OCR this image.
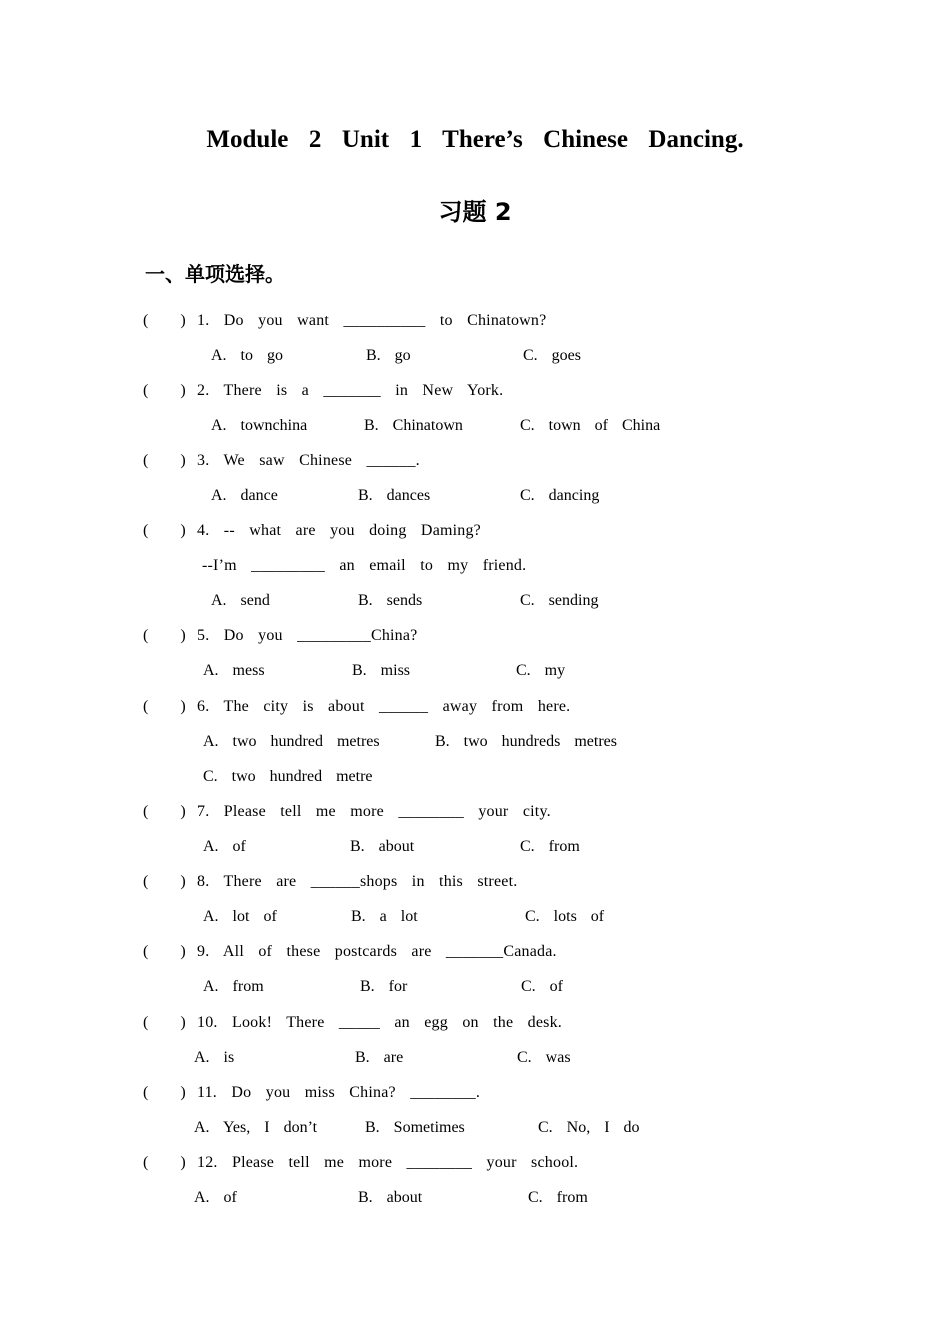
Module  2  Unit  1  There’s  Chinese  Dancing.
习题 2
一、单项选择。
(        ) 1.  Do  you  want  __________  to  Chinatown?
A.  to  go	B.  go	C.  goes
(        ) 2.  There  is  a  _______  in  New  York.
A.  townchina	B.  Chinatown	C.  town  of  China
(        ) 3.  We  saw  Chinese  ______.
A.  dance	B.  dances	C.  dancing
(        ) 4.  --  what  are  you  doing  Daming?
--I’m  _________  an  email  to  my  friend.
A.  send	B.  sends	C.  sending
(        ) 5.  Do  you  _________China?
A.  mess	B.  miss	C.  my
(        ) 6.  The  city  is  about  ______  away  from  here.
A.  two  hundred  metres	B.  two  hundreds  metres
C.  two  hundred  metre
(        ) 7.  Please  tell  me  more  ________  your  city.
A.  of	B.  about	C.  from
(        ) 8.  There  are  ______shops  in  this  street.
A.  lot  of	B.  a  lot	C.  lots  of
(        ) 9.  All  of  these  postcards  are  _______Canada.
A.  from	B.  for	C.  of
(        ) 10.  Look!  There  _____  an  egg  on  the  desk.
A.  is	B.  are	C.  was
(        ) 11.  Do  you  miss  China?  ________.
A.  Yes,  I  don’t	B.  Sometimes	C.  No,  I  do
(        ) 12.  Please  tell  me  more  ________  your  school.
A.  of	B.  about	C.  from
